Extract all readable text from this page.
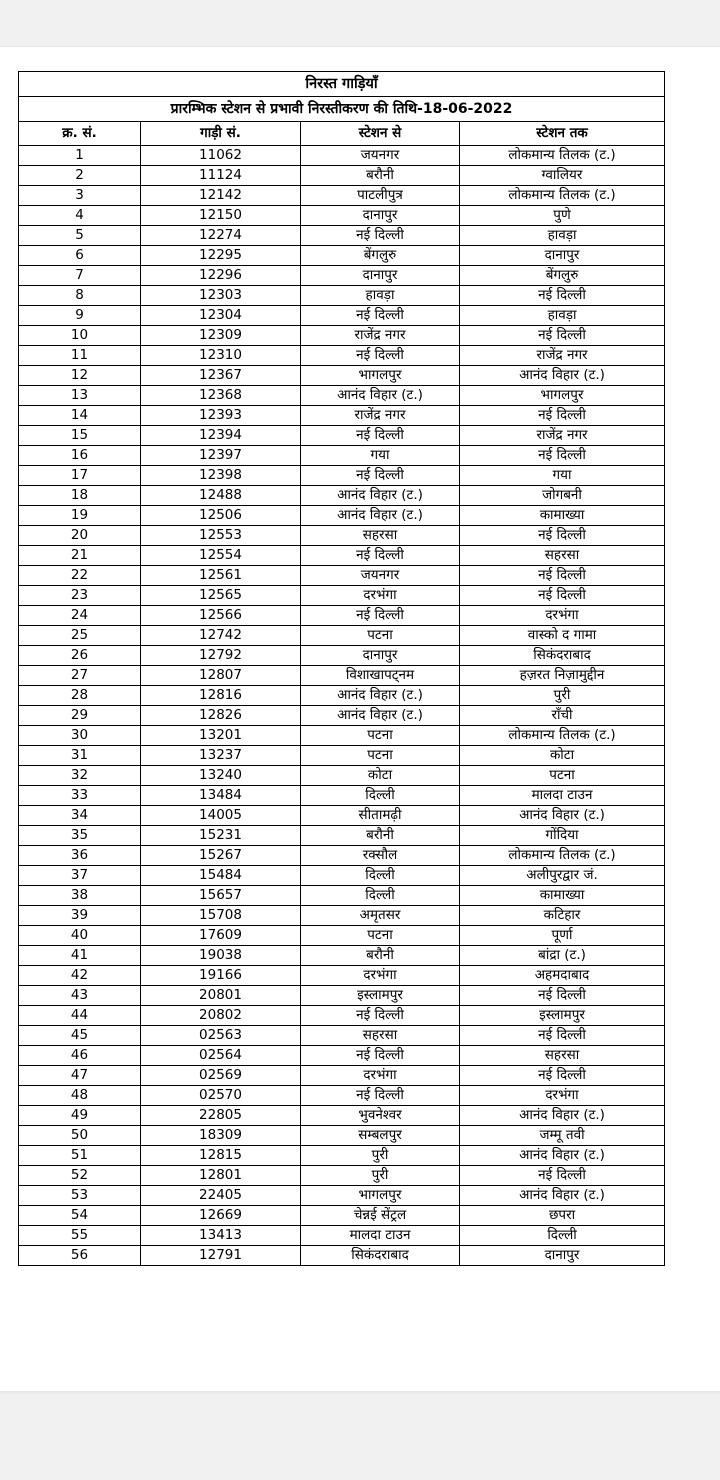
निरस्त गाड़ियाँ			
प्रारम्भिक स्टेशन से प्रभावी निरस्तीकरण की तिथि-18-06-2022			
क्र. सं.	गाड़ी सं.	स्टेशन से	स्टेशन तक
1	11062	जयनगर	लोकमान्य तिलक (ट.)
2	11124	बरौनी	ग्वालियर
3	12142	पाटलीपुत्र	लोकमान्य तिलक (ट.)
4	12150	दानापुर	पुणे
5	12274	नई दिल्ली	हावड़ा
6	12295	बेंगलुरु	दानापुर
7	12296	दानापुर	बेंगलुरु
8	12303	हावड़ा	नई दिल्ली
9	12304	नई दिल्ली	हावड़ा
10	12309	राजेंद्र नगर	नई दिल्ली
11	12310	नई दिल्ली	राजेंद्र नगर
12	12367	भागलपुर	आनंद विहार (ट.)
13	12368	आनंद विहार (ट.)	भागलपुर
14	12393	राजेंद्र नगर	नई दिल्ली
15	12394	नई दिल्ली	राजेंद्र नगर
16	12397	गया	नई दिल्ली
17	12398	नई दिल्ली	गया
18	12488	आनंद विहार (ट.)	जोगबनी
19	12506	आनंद विहार (ट.)	कामाख्या
20	12553	सहरसा	नई दिल्ली
21	12554	नई दिल्ली	सहरसा
22	12561	जयनगर	नई दिल्ली
23	12565	दरभंगा	नई दिल्ली
24	12566	नई दिल्ली	दरभंगा
25	12742	पटना	वास्को द गामा
26	12792	दानापुर	सिकंदराबाद
27	12807	विशाखापट्नम	हज़रत निज़ामुद्दीन
28	12816	आनंद विहार (ट.)	पुरी
29	12826	आनंद विहार (ट.)	राँची
30	13201	पटना	लोकमान्य तिलक (ट.)
31	13237	पटना	कोटा
32	13240	कोटा	पटना
33	13484	दिल्ली	मालदा टाउन
34	14005	सीतामढ़ी	आनंद विहार (ट.)
35	15231	बरौनी	गोंदिया
36	15267	रक्सौल	लोकमान्य तिलक (ट.)
37	15484	दिल्ली	अलीपुरद्वार जं.
38	15657	दिल्ली	कामाख्या
39	15708	अमृतसर	कटिहार
40	17609	पटना	पूर्णा
41	19038	बरौनी	बांद्रा (ट.)
42	19166	दरभंगा	अहमदाबाद
43	20801	इस्लामपुर	नई दिल्ली
44	20802	नई दिल्ली	इस्लामपुर
45	02563	सहरसा	नई दिल्ली
46	02564	नई दिल्ली	सहरसा
47	02569	दरभंगा	नई दिल्ली
48	02570	नई दिल्ली	दरभंगा
49	22805	भुवनेश्वर	आनंद विहार (ट.)
50	18309	सम्बलपुर	जम्मू तवी
51	12815	पुरी	आनंद विहार (ट.)
52	12801	पुरी	नई दिल्ली
53	22405	भागलपुर	आनंद विहार (ट.)
54	12669	चेन्नई सेंट्रल	छपरा
55	13413	मालदा टाउन	दिल्ली
56	12791	सिकंदराबाद	दानापुर
